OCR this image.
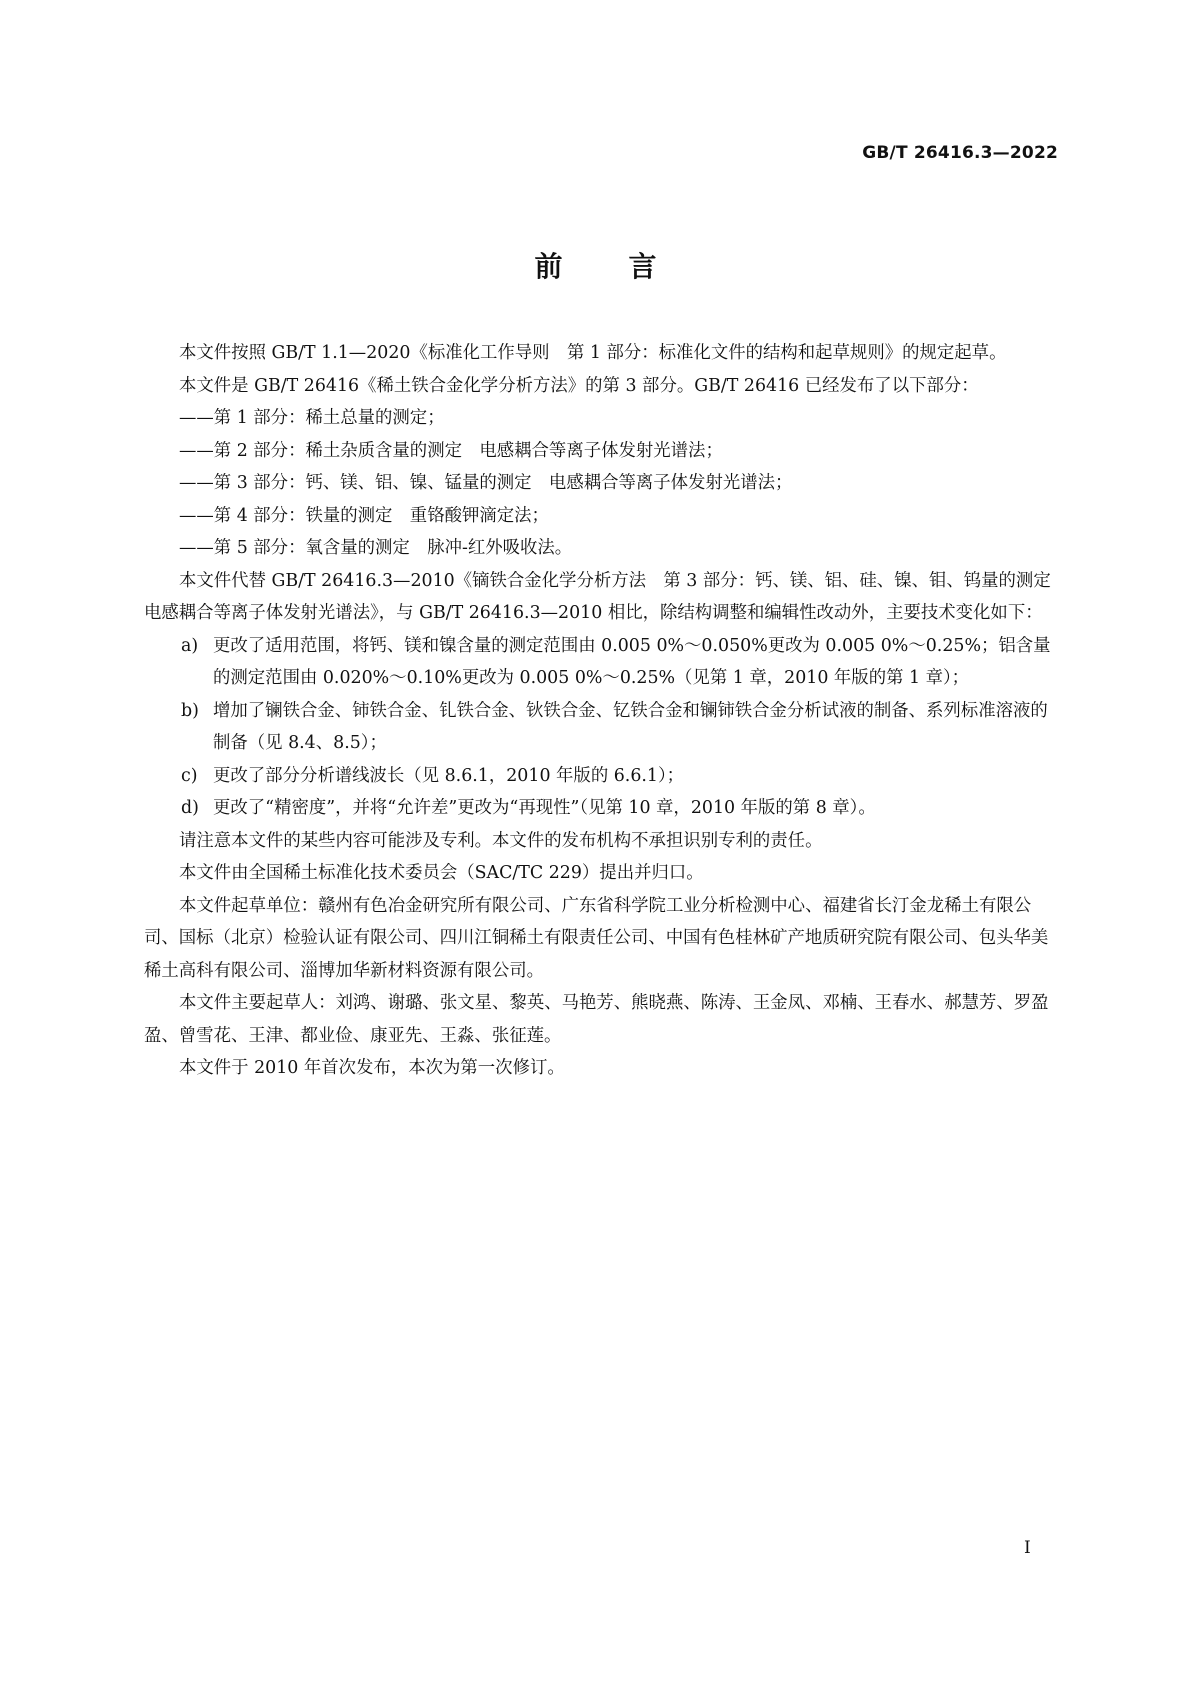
GB/T 26416.3—2022
前言

本文件按照 GB/T 1.1—2020《标准化工作导则　第 1 部分：标准化文件的结构和起草规则》的规定起草。

本文件是 GB/T 26416《稀土铁合金化学分析方法》的第 3 部分。GB/T 26416 已经发布了以下部分：

——第 1 部分：稀土总量的测定；

——第 2 部分：稀土杂质含量的测定　电感耦合等离子体发射光谱法；

——第 3 部分：钙、镁、铝、镍、锰量的测定　电感耦合等离子体发射光谱法；

——第 4 部分：铁量的测定　重铬酸钾滴定法；

——第 5 部分：氧含量的测定　脉冲-红外吸收法。

本文件代替 GB/T 26416.3—2010《镝铁合金化学分析方法　第 3 部分：钙、镁、铝、硅、镍、钼、钨量的测定　电感耦合等离子体发射光谱法》，与 GB/T 26416.3—2010 相比，除结构调整和编辑性改动外，主要技术变化如下：

a) 更改了适用范围，将钙、镁和镍含量的测定范围由 0.005 0%～0.050%更改为 0.005 0%～0.25%；铝含量的测定范围由 0.020%～0.10%更改为 0.005 0%～0.25%（见第 1 章，2010 年版的第 1 章）；

b) 增加了镧铁合金、铈铁合金、钆铁合金、钬铁合金、钇铁合金和镧铈铁合金分析试液的制备、系列标准溶液的制备（见 8.4、8.5）；

c) 更改了部分分析谱线波长（见 8.6.1，2010 年版的 6.6.1）；

d) 更改了“精密度”，并将“允许差”更改为“再现性”（见第 10 章，2010 年版的第 8 章）。

请注意本文件的某些内容可能涉及专利。本文件的发布机构不承担识别专利的责任。

本文件由全国稀土标准化技术委员会（SAC/TC 229）提出并归口。

本文件起草单位：赣州有色冶金研究所有限公司、广东省科学院工业分析检测中心、福建省长汀金龙稀土有限公司、国标（北京）检验认证有限公司、四川江铜稀土有限责任公司、中国有色桂林矿产地质研究院有限公司、包头华美稀土高科有限公司、淄博加华新材料资源有限公司。

本文件主要起草人：刘鸿、谢璐、张文星、黎英、马艳芳、熊晓燕、陈涛、王金凤、邓楠、王春水、郝慧芳、罗盈盈、曾雪花、王津、都业俭、康亚先、王淼、张征莲。

本文件于 2010 年首次发布，本次为第一次修订。

I
